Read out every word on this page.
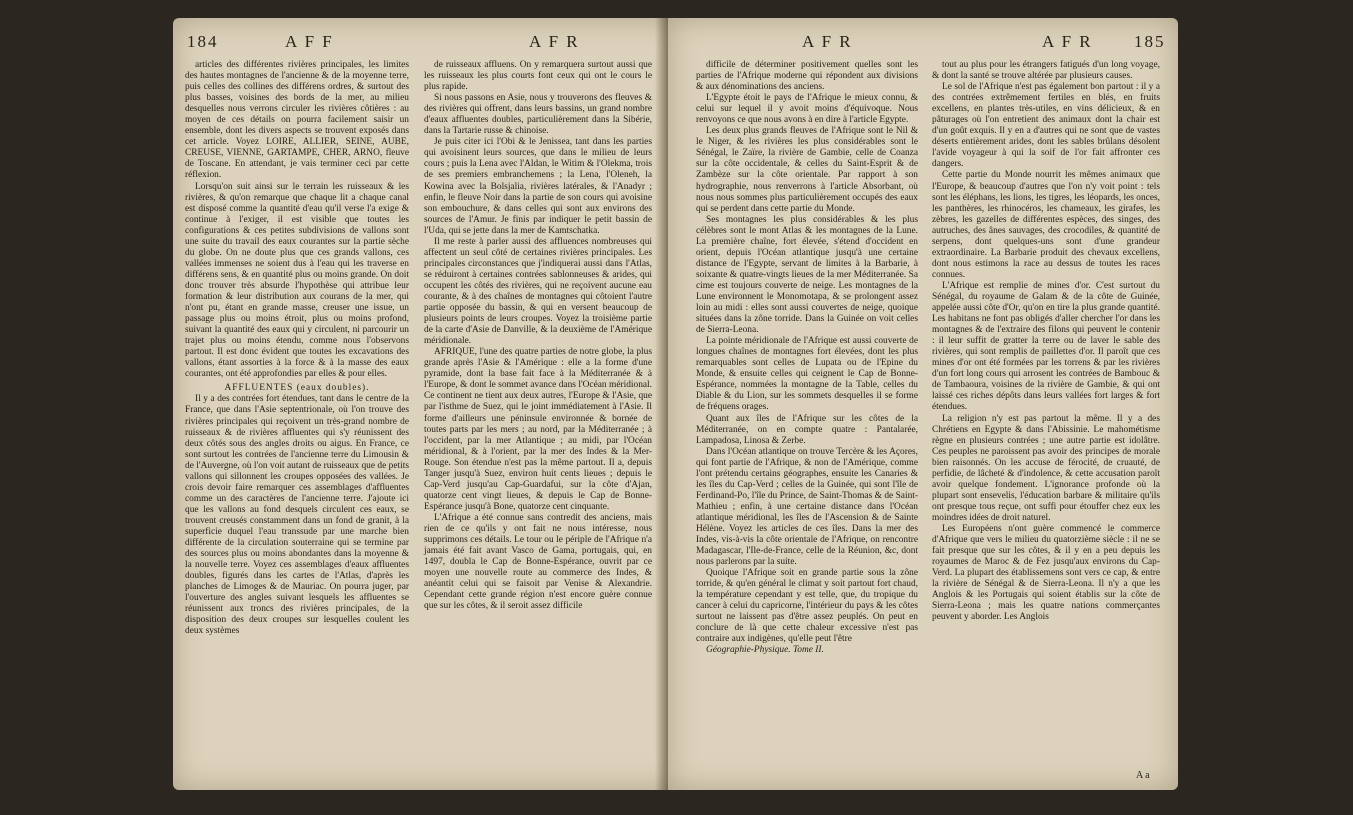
184	A F F	A F R

articles des différentes rivières principales, les limites des hautes montagnes de l'ancienne & de la moyenne terre, puis celles des collines des différens ordres, & surtout des plus basses, voisines des bords de la mer, au milieu desquelles nous verrons circuler les rivières côtières : au moyen de ces détails on pourra facilement saisir un ensemble, dont les divers aspects se trouvent exposés dans cet article. Voyez LOIRE, ALLIER, SEINE, AUBE, CREUSE, VIENNE, GARTAMPE, CHER, ARNO, fleuve de Toscane. En attendant, je vais terminer ceci par cette réflexion.

Lorsqu'on suit ainsi sur le terrain les ruisseaux & les rivières, & qu'on remarque que chaque lit a chaque canal est disposé comme la quantité d'eau qu'il verse l'a exige & continue à l'exiger, il est visible que toutes les configurations & ces petites subdivisions de vallons sont une suite du travail des eaux courantes sur la partie sèche du globe. On ne doute plus que ces grands vallons, ces vallées immenses ne soient dus à l'eau qui les traverse en différens sens, & en quantité plus ou moins grande. On doit donc trouver très absurde l'hypothèse qui attribue leur formation & leur distribution aux courans de la mer, qui n'ont pu, étant en grande masse, creuser une issue, un passage plus ou moins étroit, plus ou moins profond, suivant la quantité des eaux qui y circulent, ni parcourir un trajet plus ou moins étendu, comme nous l'observons partout. Il est donc évident que toutes les excavations des vallons, étant assorties à la force & à la masse des eaux courantes, ont été approfondies par elles & pour elles.

AFFLUENTES (eaux doubles).

Il y a des contrées fort étendues, tant dans le centre de la France, que dans l'Asie septentrionale, où l'on trouve des rivières principales qui reçoivent un très-grand nombre de ruisseaux & de rivières affluentes qui s'y réunissent des deux côtés sous des angles droits ou aigus. En France, ce sont surtout les contrées de l'ancienne terre du Limousin & de l'Auvergne, où l'on voit autant de ruisseaux que de petits vallons qui sillonnent les croupes opposées des vallées. Je crois devoir faire remarquer ces assemblages d'affluentes comme un des caractères de l'ancienne terre. J'ajoute ici que les vallons au fond desquels circulent ces eaux, se trouvent creusés constamment dans un fond de granit, à la superficie duquel l'eau transsude par une marche bien différente de la circulation souterraine qui se termine par des sources plus ou moins abondantes dans la moyenne & la nouvelle terre. Voyez ces assemblages d'eaux affluentes doubles, figurés dans les cartes de l'Atlas, d'après les planches de Limoges & de Mauriac. On pourra juger, par l'ouverture des angles suivant lesquels les affluentes se réunissent aux troncs des rivières principales, de la disposition des deux croupes sur lesquelles coulent les deux systèmes

de ruisseaux affluens. On y remarquera surtout aussi que les ruisseaux les plus courts font ceux qui ont le cours le plus rapide.

Si nous passons en Asie, nous y trouverons des fleuves & des rivières qui offrent, dans leurs bassins, un grand nombre d'eaux affluentes doubles, particulièrement dans la Sibérie, dans la Tartarie russe & chinoise.

Je puis citer ici l'Obi & le Jenissea, tant dans les parties qui avoisinent leurs sources, que dans le milieu de leurs cours ; puis la Lena avec l'Aldan, le Witim & l'Olekma, trois de ses premiers embranchemens ; la Lena, l'Oleneh, la Kowina avec la Bolsjalia, rivières latérales, & l'Anadyr ; enfin, le fleuve Noir dans la partie de son cours qui avoisine son embouchure, & dans celles qui sont aux environs des sources de l'Amur. Je finis par indiquer le petit bassin de l'Uda, qui se jette dans la mer de Kamtschatka.

Il me reste à parler aussi des affluences nombreuses qui affectent un seul côté de certaines rivières principales. Les principales circonstances que j'indiquerai aussi dans l'Atlas, se réduiront à certaines contrées sablonneuses & arides, qui occupent les côtés des rivières, qui ne reçoivent aucune eau courante, & à des chaînes de montagnes qui côtoient l'autre partie opposée du bassin, & qui en versent beaucoup de plusieurs points de leurs croupes. Voyez la troisième partie de la carte d'Asie de Danville, & la deuxième de l'Amérique méridionale.

AFRIQUE, l'une des quatre parties de notre globe, la plus grande après l'Asie & l'Amérique : elle a la forme d'une pyramide, dont la base fait face à la Méditerranée & à l'Europe, & dont le sommet avance dans l'Océan méridional. Ce continent ne tient aux deux autres, l'Europe & l'Asie, que par l'isthme de Suez, qui le joint immédiatement à l'Asie. Il forme d'ailleurs une péninsule environnée & bornée de toutes parts par les mers ; au nord, par la Méditerranée ; à l'occident, par la mer Atlantique ; au midi, par l'Océan méridional, & à l'orient, par la mer des Indes & la Mer-Rouge. Son étendue n'est pas la même partout. Il a, depuis Tanger jusqu'à Suez, environ huit cents lieues ; depuis le Cap-Verd jusqu'au Cap-Guardafui, sur la côte d'Ajan, quatorze cent vingt lieues, & depuis le Cap de Bonne-Espérance jusqu'à Bone, quatorze cent cinquante.

L'Afrique a été connue sans contredit des anciens, mais rien de ce qu'ils y ont fait ne nous intéresse, nous supprimons ces détails. Le tour ou le périple de l'Afrique n'a jamais été fait avant Vasco de Gama, portugais, qui, en 1497, doubla le Cap de Bonne-Espérance, ouvrit par ce moyen une nouvelle route au commerce des Indes, & anéantit celui qui se faisoit par Venise & Alexandrie. Cependant cette grande région n'est encore guère connue que sur les côtes, & il seroit assez difficile

A F R	A F R 185

difficile de déterminer positivement quelles sont les parties de l'Afrique moderne qui répondent aux divisions & aux dénominations des anciens.

L'Egypte étoit le pays de l'Afrique le mieux connu, & celui sur lequel il y avoit moins d'équivoque. Nous renvoyons ce que nous avons à en dire à l'article Egypte.

Les deux plus grands fleuves de l'Afrique sont le Nil & le Niger, & les rivières les plus considérables sont le Sénégal, le Zaïre, la rivière de Gambie, celle de Coanza sur la côte occidentale, & celles du Saint-Esprit & de Zambèze sur la côte orientale. Par rapport à son hydrographie, nous renverrons à l'article Absorbant, où nous nous sommes plus particulièrement occupés des eaux qui se perdent dans cette partie du Monde.

Ses montagnes les plus considérables & les plus célèbres sont le mont Atlas & les montagnes de la Lune. La première chaîne, fort élevée, s'étend d'occident en orient, depuis l'Océan atlantique jusqu'à une certaine distance de l'Egypte, servant de limites à la Barbarie, à soixante & quatre-vingts lieues de la mer Méditerranée. Sa cime est toujours couverte de neige. Les montagnes de la Lune environnent le Monomotapa, & se prolongent assez loin au midi : elles sont aussi couvertes de neige, quoique situées dans la zône torride. Dans la Guinée on voit celles de Sierra-Leona.

La pointe méridionale de l'Afrique est aussi couverte de longues chaînes de montagnes fort élevées, dont les plus remarquables sont celles de Lupata ou de l'Epine du Monde, & ensuite celles qui ceignent le Cap de Bonne-Espérance, nommées la montagne de la Table, celles du Diable & du Lion, sur les sommets desquelles il se forme de fréquens orages.

Quant aux îles de l'Afrique sur les côtes de la Méditerranée, on en compte quatre : Pantalarée, Lampadosa, Linosa & Zerbe.

Dans l'Océan atlantique on trouve Tercère & les Açores, qui font partie de l'Afrique, & non de l'Amérique, comme l'ont prétendu certains géographes, ensuite les Canaries & les îles du Cap-Verd ; celles de la Guinée, qui sont l'île de Ferdinand-Po, l'île du Prince, de Saint-Thomas & de Saint-Mathieu ; enfin, à une certaine distance dans l'Océan atlantique méridional, les îles de l'Ascension & de Sainte Hélène. Voyez les articles de ces îles. Dans la mer des Indes, vis-à-vis la côte orientale de l'Afrique, on rencontre Madagascar, l'Ile-de-France, celle de la Réunion, &c, dont nous parlerons par la suite.

Quoique l'Afrique soit en grande partie sous la zône torride, & qu'en général le climat y soit partout fort chaud, la température cependant y est telle, que, du tropique du cancer à celui du capricorne, l'intérieur du pays & les côtes surtout ne laissent pas d'être assez peuplés. On peut en conclure de là que cette chaleur excessive n'est pas contraire aux indigènes, qu'elle peut l'être

Géographie-Physique. Tome II.

tout au plus pour les étrangers fatigués d'un long voyage, & dont la santé se trouve altérée par plusieurs causes.

Le sol de l'Afrique n'est pas également bon partout : il y a des contrées extrêmement fertiles en blés, en fruits excellens, en plantes très-utiles, en vins délicieux, & en pâturages où l'on entretient des animaux dont la chair est d'un goût exquis. Il y en a d'autres qui ne sont que de vastes déserts entièrement arides, dont les sables brûlans désolent l'avide voyageur à qui la soif de l'or fait affronter ces dangers.

Cette partie du Monde nourrit les mêmes animaux que l'Europe, & beaucoup d'autres que l'on n'y voit point : tels sont les éléphans, les lions, les tigres, les léopards, les onces, les panthères, les rhinocéros, les chameaux, les girafes, les zèbres, les gazelles de différentes espèces, des singes, des autruches, des ânes sauvages, des crocodiles, & quantité de serpens, dont quelques-uns sont d'une grandeur extraordinaire. La Barbarie produit des chevaux excellens, dont nous estimons la race au dessus de toutes les races connues.

L'Afrique est remplie de mines d'or. C'est surtout du Sénégal, du royaume de Galam & de la côte de Guinée, appelée aussi côte d'Or, qu'on en tire la plus grande quantité. Les habitans ne font pas obligés d'aller chercher l'or dans les montagnes & de l'extraire des filons qui peuvent le contenir : il leur suffit de gratter la terre ou de laver le sable des rivières, qui sont remplis de paillettes d'or. Il paroît que ces mines d'or ont été formées par les torrens & par les rivières d'un fort long cours qui arrosent les contrées de Bambouc & de Tambaoura, voisines de la rivière de Gambie, & qui ont laissé ces riches dépôts dans leurs vallées fort larges & fort étendues.

La religion n'y est pas partout la même. Il y a des Chrétiens en Egypte & dans l'Abissinie. Le mahométisme règne en plusieurs contrées ; une autre partie est idolâtre. Ces peuples ne paroissent pas avoir des principes de morale bien raisonnés. On les accuse de férocité, de cruauté, de perfidie, de lâcheté & d'indolence, & cette accusation paroît avoir quelque fondement. L'ignorance profonde où la plupart sont ensevelis, l'éducation barbare & militaire qu'ils ont presque tous reçue, ont suffi pour étouffer chez eux les moindres idées de droit naturel.

Les Européens n'ont guère commencé le commerce d'Afrique que vers le milieu du quatorzième siècle : il ne se fait presque que sur les côtes, & il y en a peu depuis les royaumes de Maroc & de Fez jusqu'aux environs du Cap-Verd. La plupart des établissemens sont vers ce cap, & entre la rivière de Sénégal & de Sierra-Leona. Il n'y a que les Anglois & les Portugais qui soient établis sur la côte de Sierra-Leona ; mais les quatre nations commerçantes peuvent y aborder. Les Anglois

A a
